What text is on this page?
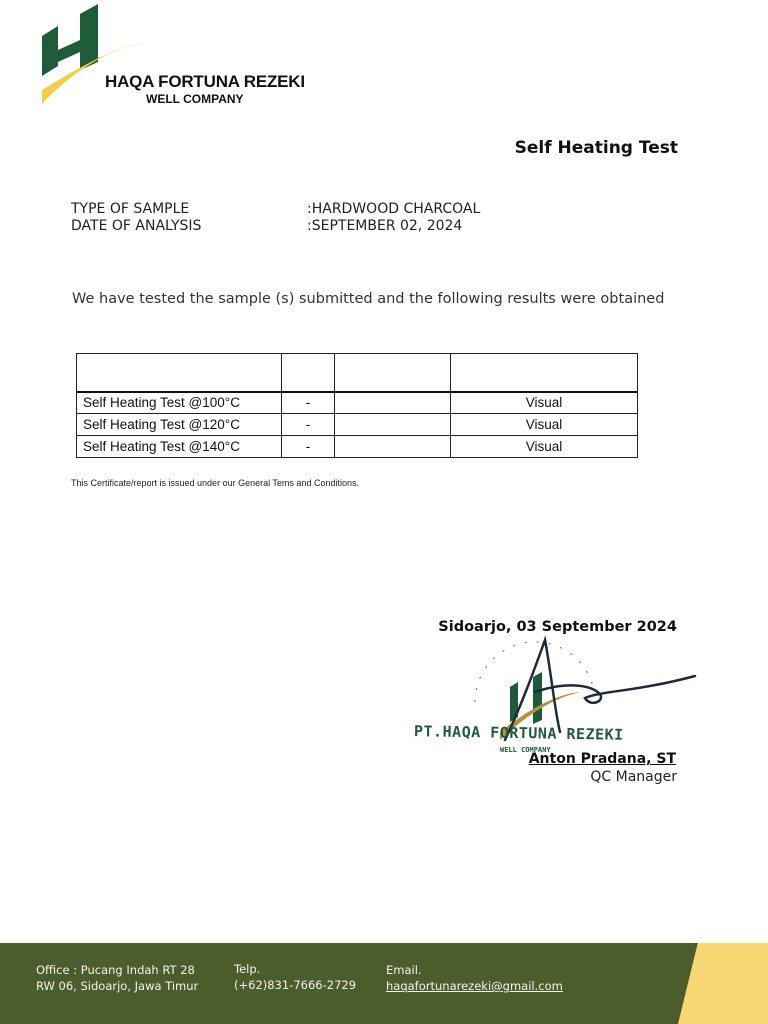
HAQA FORTUNA REZEKI
WELL COMPANY
Self Heating Test
TYPE OF SAMPLE	:HARDWOOD CHARCOAL
DATE OF ANALYSIS	:SEPTEMBER 02, 2024
We have tested the sample (s) submitted and the following results were obtained

Self Heating Test @100°C	-		Visual
Self Heating Test @120°C	-		Visual
Self Heating Test @140°C	-		Visual
This Certificate/report is issued under our General Tems and Conditions.
Sidoarjo, 03 September 2024
PT.HAQA FORTUNA REZEKI
WELL COMPANY
Anton Pradana, ST
QC Manager
Office : Pucang Indah RT 28
RW 06, Sidoarjo, Jawa Timur
Telp.
(+62)831-7666-2729
Email.
haqafortunarezeki@gmail.com
